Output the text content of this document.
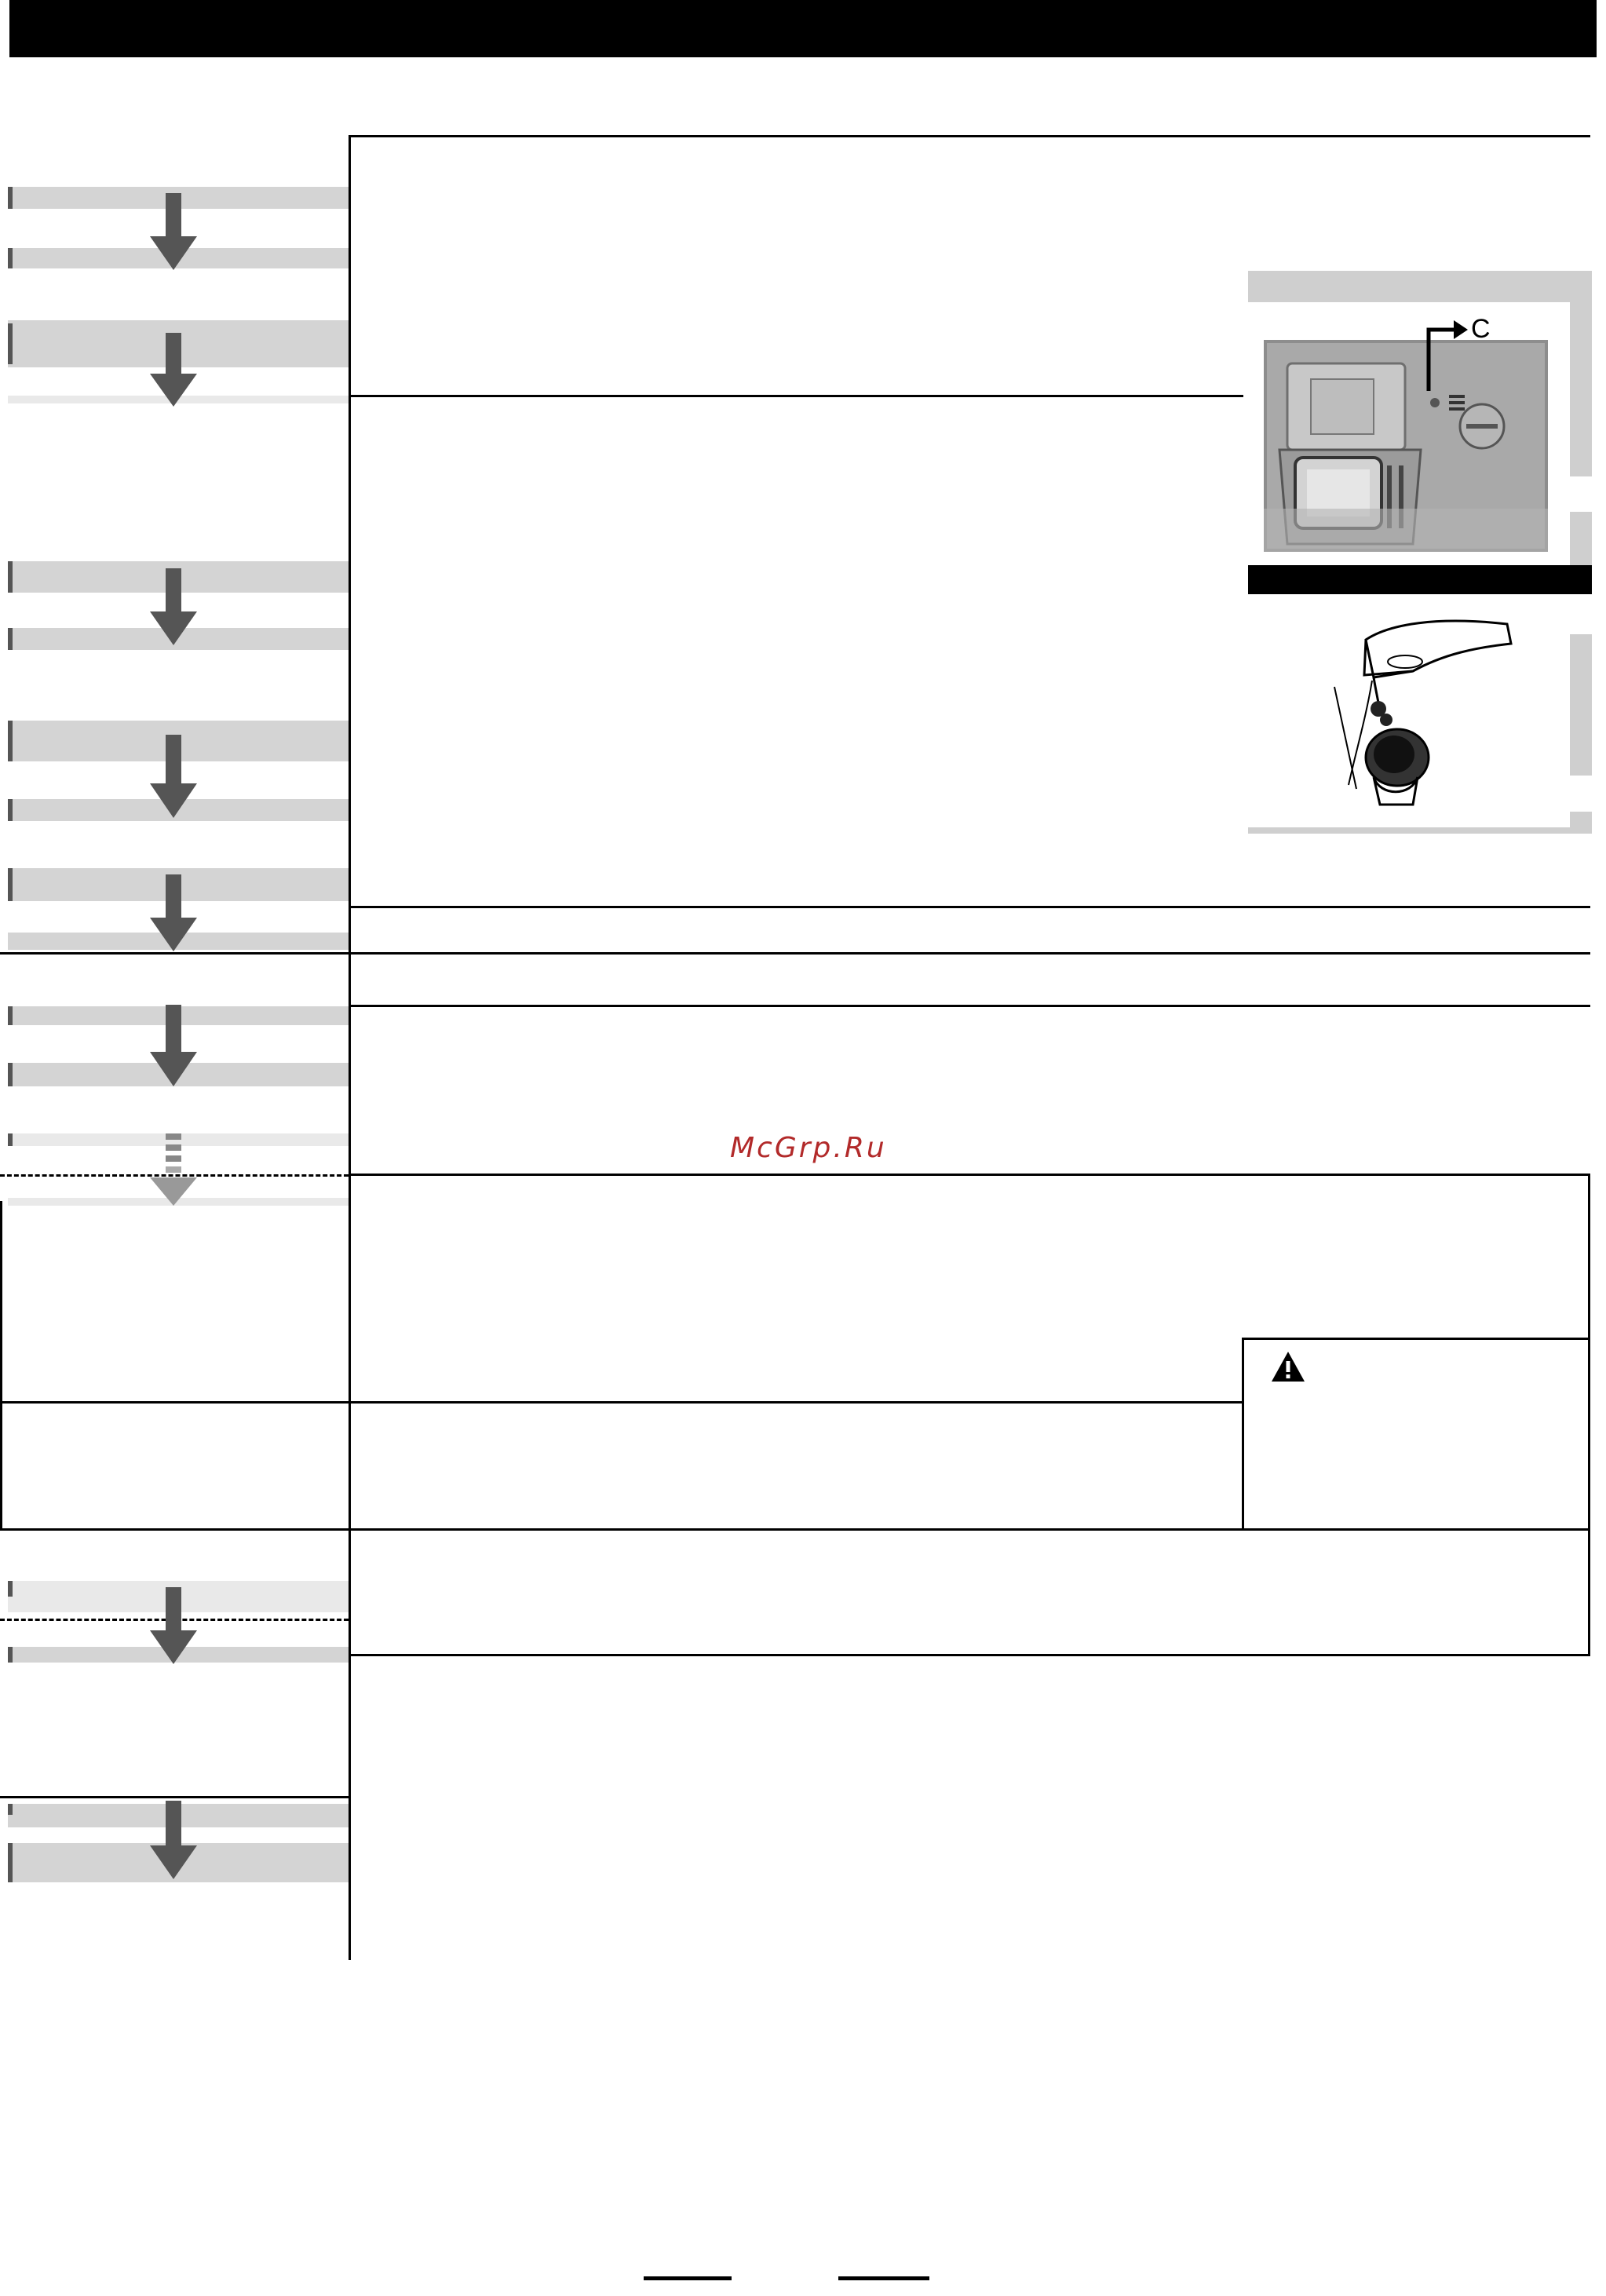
C
McGrp.Ru
